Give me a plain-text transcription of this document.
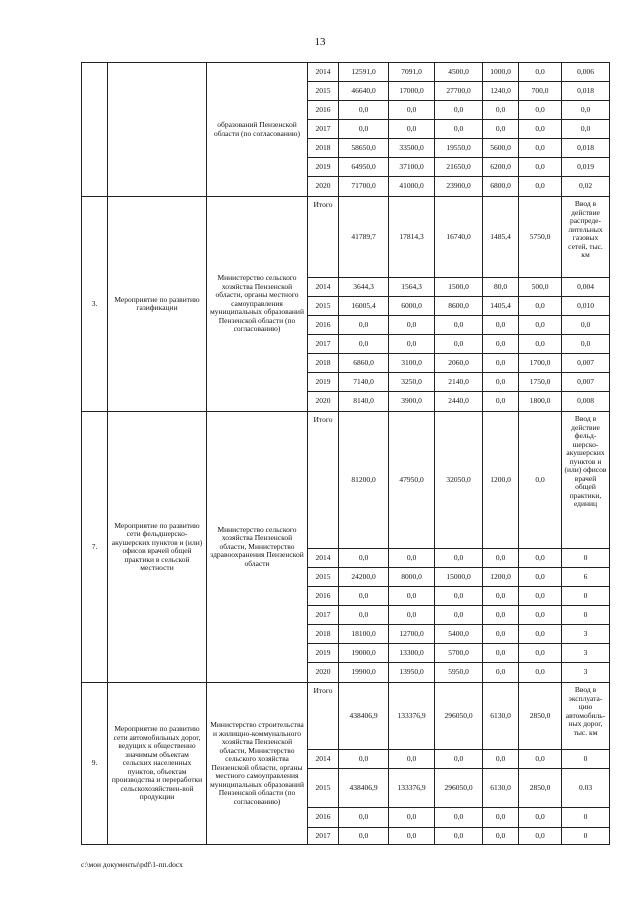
13
		образований Пензенской области (по согласованию)	2014	12591,0	7091,0	4500,0	1000,0	0,0	0,006
			2015	46640,0	17000,0	27700,0	1240,0	700,0	0,018
			2016	0,0	0,0	0,0	0,0	0,0	0,0
			2017	0,0	0,0	0,0	0,0	0,0	0,0
			2018	58650,0	33500,0	19550,0	5600,0	0,0	0,018
			2019	64950,0	37100,0	21650,0	6200,0	0,0	0,019
			2020	71700,0	41000,0	23900,0	6800,0	0,0	0,02
3.	Мероприятие по развитию газификации	Министерство сельского хозяйства Пензенской области, органы местного самоуправления муниципальных образований Пензенской области (по согласованию)	Итого	41789,7	17814,3	16740,0	1485,4	5750,0	Ввод в действие распреде-лительных газовых сетей, тыс. км
			2014	3644,3	1564,3	1500,0	80,0	500,0	0,004
			2015	16005,4	6000,0	8600,0	1405,4	0,0	0,010
			2016	0,0	0,0	0,0	0,0	0,0	0,0
			2017	0,0	0,0	0,0	0,0	0,0	0,0
			2018	6860,0	3100,0	2060,0	0,0	1700,0	0,007
			2019	7140,0	3250,0	2140,0	0,0	1750,0	0,007
			2020	8140,0	3900,0	2440,0	0,0	1800,0	0,008
7.	Мероприятие по развитию сети фельдшерско-акушерских пунктов и (или) офисов врачей общей практики в сельской местности	Министерство сельского хозяйства Пензенской области, Министерство здравоохранения Пензенской области	Итого	81200,0	47950,0	32050,0	1200,0	0,0	Ввод в действие фельд-шерско-акушерских пунктов и (или) офисов врачей общей практики, единиц
			2014	0,0	0,0	0,0	0,0	0,0	0
			2015	24200,0	8000,0	15000,0	1200,0	0,0	6
			2016	0,0	0,0	0,0	0,0	0,0	0
			2017	0,0	0,0	0,0	0,0	0,0	0
			2018	18100,0	12700,0	5400,0	0,0	0,0	3
			2019	19000,0	13300,0	5700,0	0,0	0,0	3
			2020	19900,0	13950,0	5950,0	0,0	0,0	3
9.	Мероприятие по развитию сети автомобильных дорог, ведущих к общественно значимым объектам сельских населенных пунктов, объектам производства и переработки сельскохозяйствен-вой продукции	Министерство строительства и жилищно-коммунального хозяйства Пензенской области, Министерство сельского хозяйства Пензенской области, органы местного самоуправления муниципальных образований Пензенской области (по согласованию)	Итого	438406,9	133376,9	296050,0	6130,0	2850,0	Ввод в эксплуата-цию автомобиль-ных дорог, тыс. км
			2014	0,0	0,0	0,0	0,0	0,0	0
			2015	438406,9	133376,9	296050,0	6130,0	2850,0	0.03
			2016	0,0	0,0	0,0	0,0	0,0	0
			2017	0,0	0,0	0,0	0,0	0,0	0
c:\мои документы\pdf\1-пп.docx
